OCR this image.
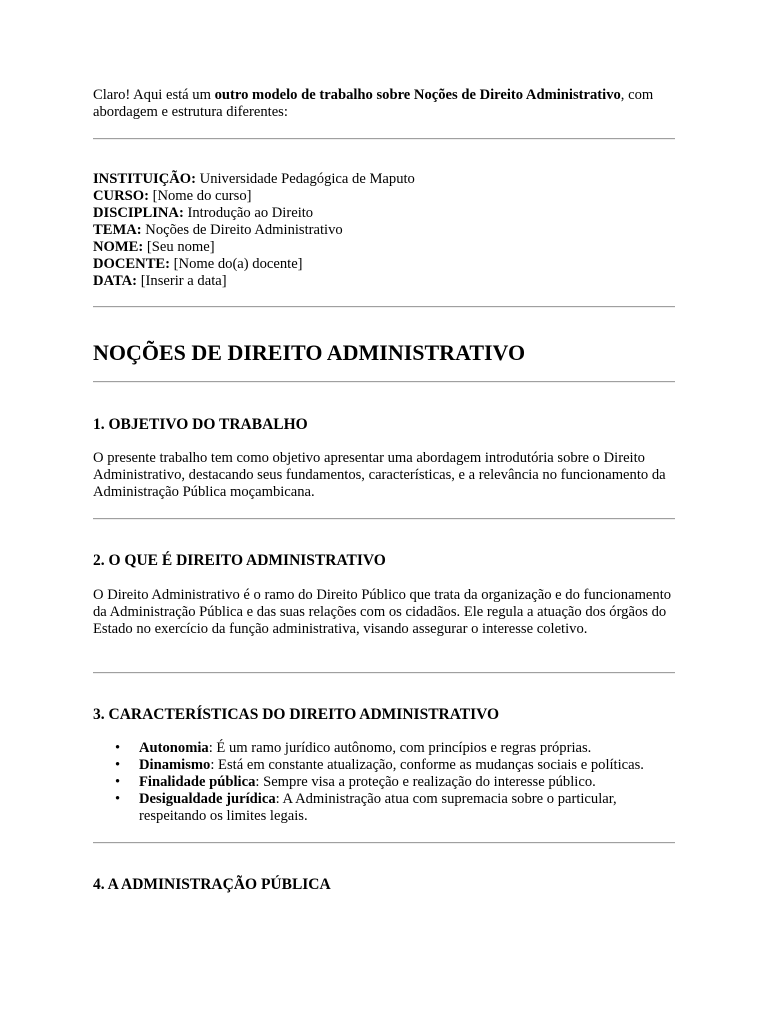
Claro! Aqui está um outro modelo de trabalho sobre Noções de Direito Administrativo, com abordagem e estrutura diferentes:

INSTITUIÇÃO: Universidade Pedagógica de Maputo

CURSO: [Nome do curso]

DISCIPLINA: Introdução ao Direito

TEMA: Noções de Direito Administrativo

NOME: [Seu nome]

DOCENTE: [Nome do(a) docente]

DATA: [Inserir a data]

NOÇÕES DE DIREITO ADMINISTRATIVO
1. OBJETIVO DO TRABALHO

O presente trabalho tem como objetivo apresentar uma abordagem introdutória sobre o Direito Administrativo, destacando seus fundamentos, características, e a relevância no funcionamento da Administração Pública moçambicana.

2. O QUE É DIREITO ADMINISTRATIVO

O Direito Administrativo é o ramo do Direito Público que trata da organização e do funcionamento da Administração Pública e das suas relações com os cidadãos. Ele regula a atuação dos órgãos do Estado no exercício da função administrativa, visando assegurar o interesse coletivo.

3. CARACTERÍSTICAS DO DIREITO ADMINISTRATIVO
• Autonomia: É um ramo jurídico autônomo, com princípios e regras próprias.
• Dinamismo: Está em constante atualização, conforme as mudanças sociais e políticas.
• Finalidade pública: Sempre visa a proteção e realização do interesse público.
• Desigualdade jurídica: A Administração atua com supremacia sobre o particular, respeitando os limites legais.
4. A ADMINISTRAÇÃO PÚBLICA
